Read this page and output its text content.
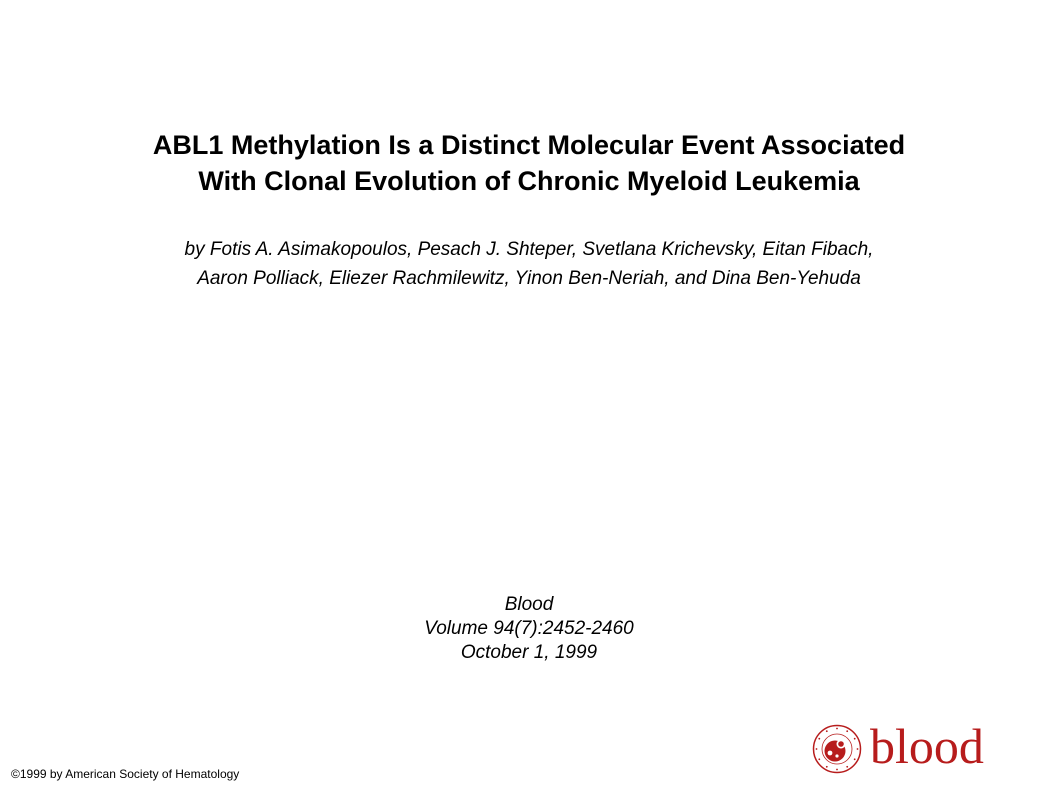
ABL1 Methylation Is a Distinct Molecular Event Associated
With Clonal Evolution of Chronic Myeloid Leukemia
by Fotis A. Asimakopoulos, Pesach J. Shteper, Svetlana Krichevsky, Eitan Fibach,
Aaron Polliack, Eliezer Rachmilewitz, Yinon Ben-Neriah, and Dina Ben-Yehuda
Blood
Volume 94(7):2452-2460
October 1, 1999
©1999 by American Society of Hematology	blood
